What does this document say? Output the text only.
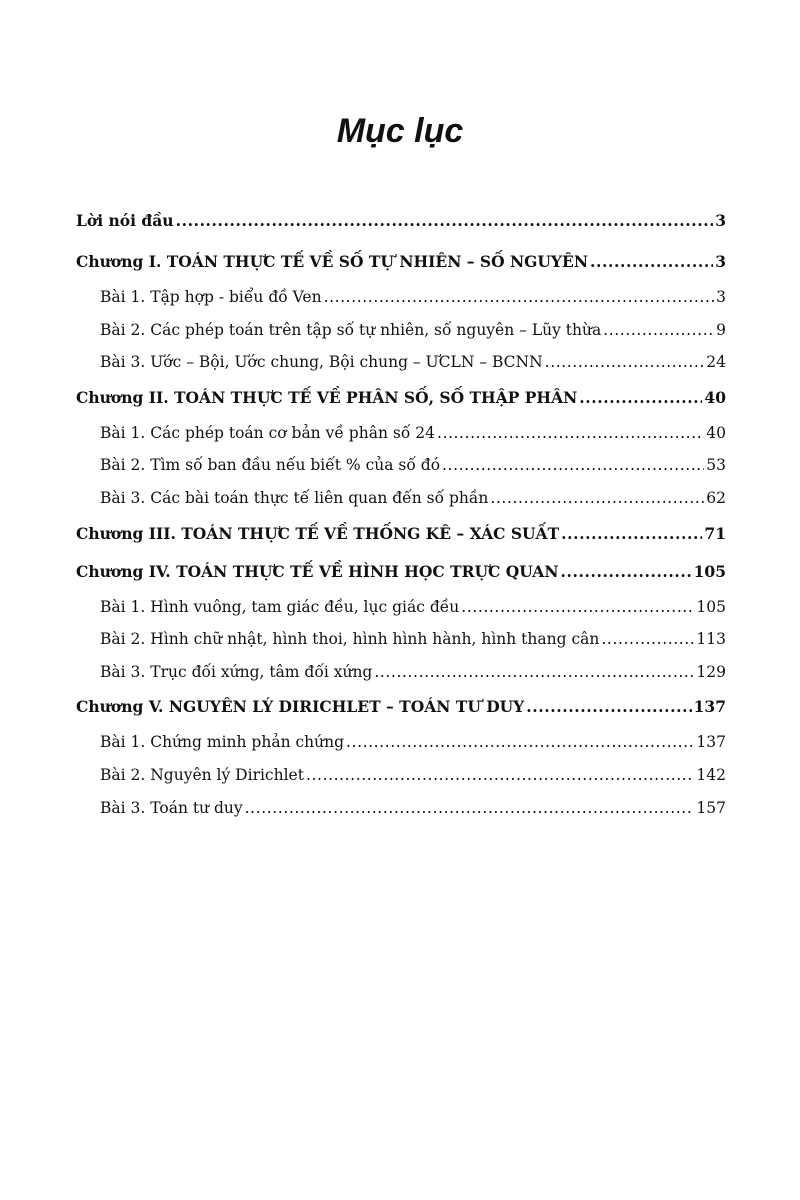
Mục lục
Lời nói đầu .....	3
Chương I. TOÁN THỰC TẾ VỀ SỐ TỰ NHIÊN – SỐ NGUYÊN .....	3
Bài 1. Tập hợp - biểu đồ Ven .....	3
Bài 2. Các phép toán trên tập số tự nhiên, số nguyên – Lũy thừa .....	9
Bài 3. Ước – Bội, Ước chung, Bội chung – ƯCLN – BCNN .....	24
Chương II. TOÁN THỰC TẾ VỀ PHÂN SỐ, SỐ THẬP PHÂN .....	40
Bài 1. Các phép toán cơ bản về phân số 24 .....	40
Bài 2. Tìm số ban đầu nếu biết % của số đó .....	53
Bài 3. Các bài toán thực tế liên quan đến số phần .....	62
Chương III. TOÁN THỰC TẾ VỀ THỐNG KÊ – XÁC SUẤT .....	71
Chương IV. TOÁN THỰC TẾ VỀ HÌNH HỌC TRỰC QUAN .....	105
Bài 1. Hình vuông, tam giác đều, lục giác đều .....	105
Bài 2. Hình chữ nhật, hình thoi, hình hình hành, hình thang cân .....	113
Bài 3. Trục đối xứng, tâm đối xứng .....	129
Chương V. NGUYÊN LÝ DIRICHLET – TOÁN TƯ DUY .....	137
Bài 1. Chứng minh phản chứng .....	137
Bài 2. Nguyên lý Dirichlet .....	142
Bài 3. Toán tư duy .....	157
